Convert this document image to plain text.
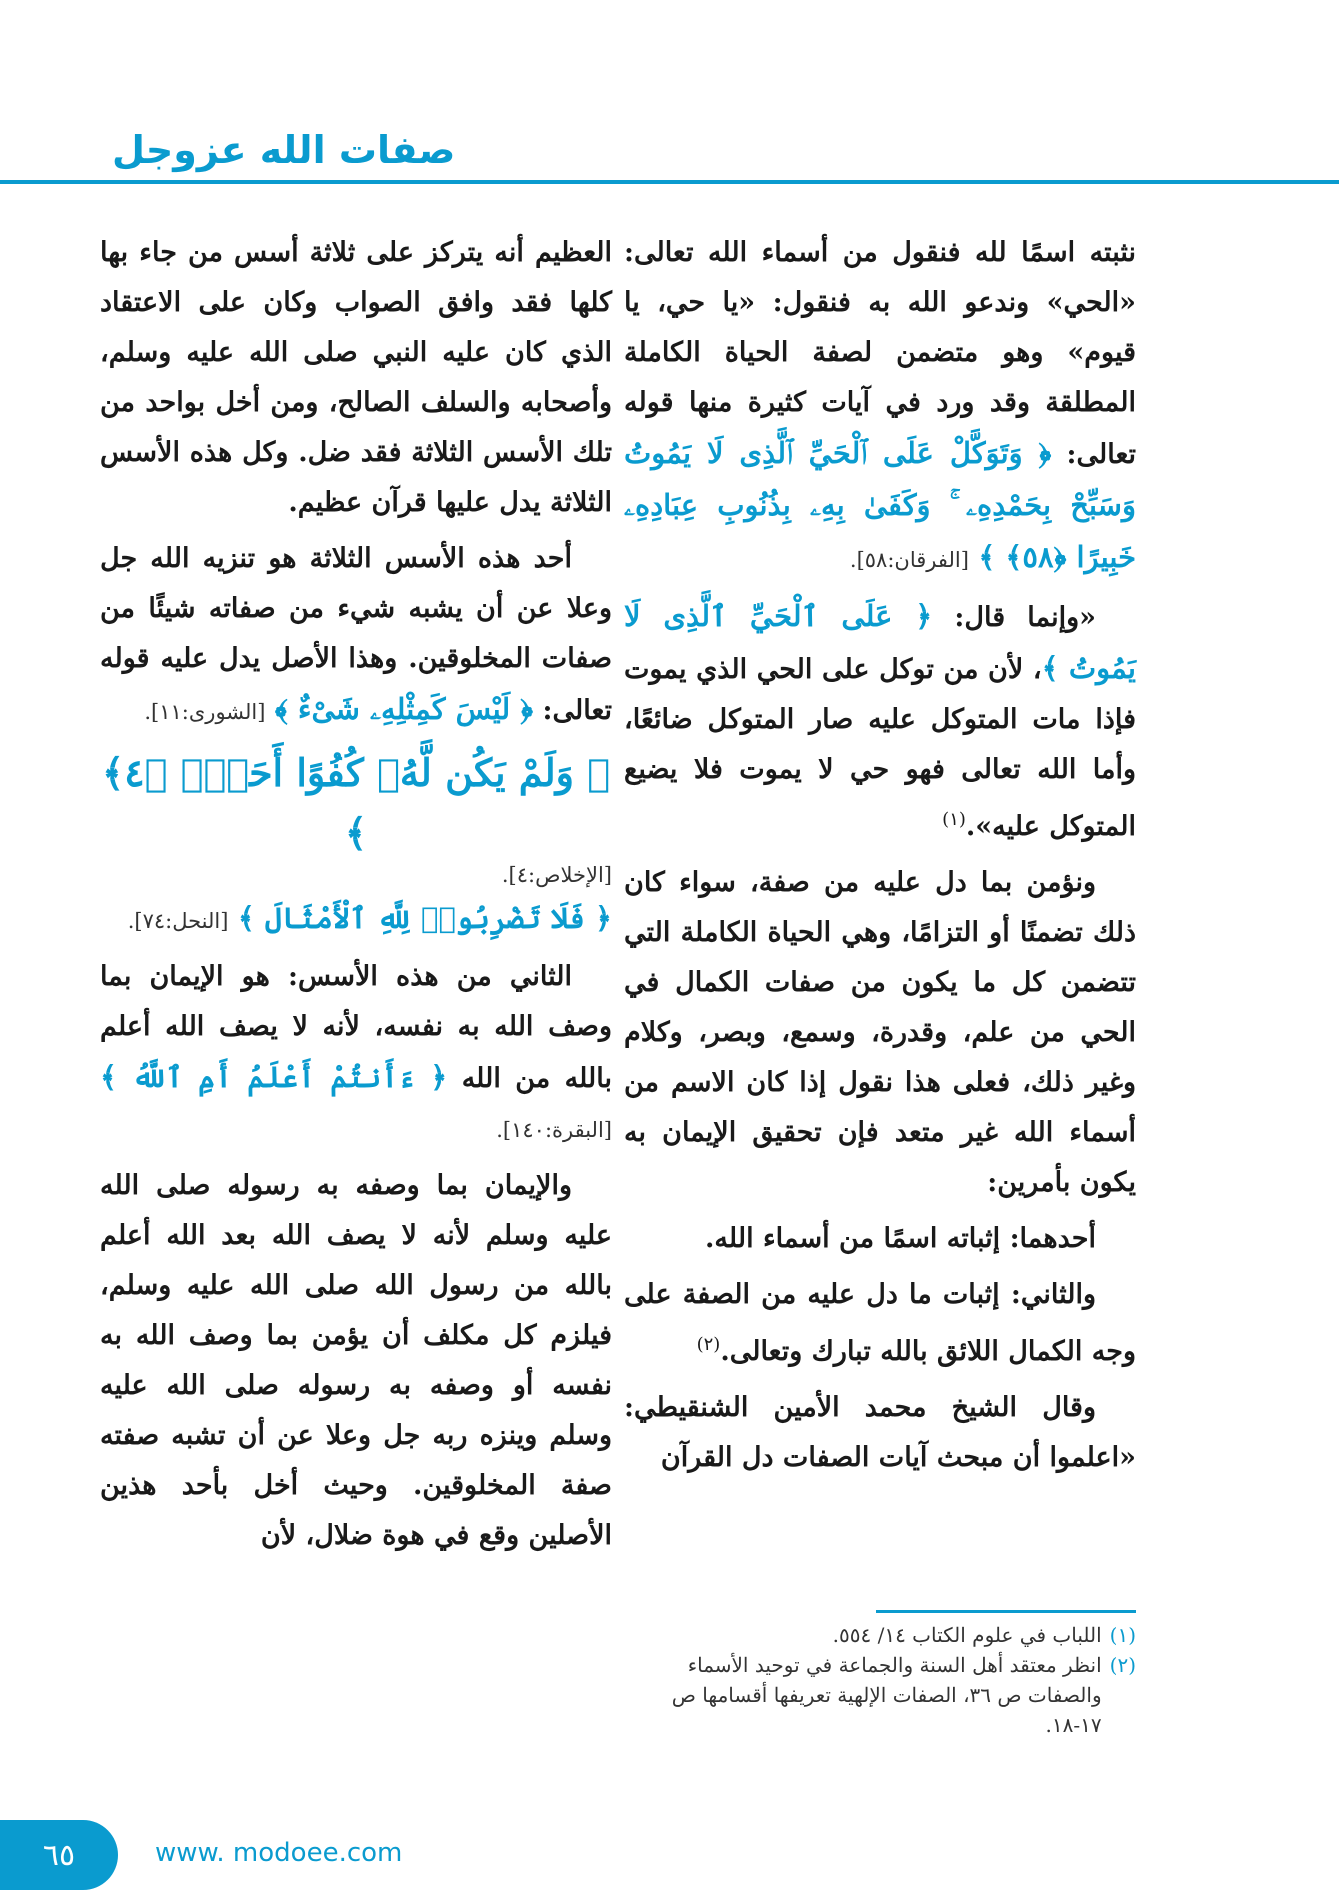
صفات الله عزوجل

نثبته اسمًا لله فنقول من أسماء الله تعالى: «الحي» وندعو الله به فنقول: «يا حي، يا قيوم» وهو متضمن لصفة الحياة الكاملة المطلقة وقد ورد في آيات كثيرة منها قوله تعالى: ﴿ وَتَوَكَّلْ عَلَى ٱلْحَيِّ ٱلَّذِى لَا يَمُوتُ وَسَبِّحْ بِحَمْدِهِۦ ۚ وَكَفَىٰ بِهِۦ بِذُنُوبِ عِبَادِهِۦ خَبِيرًا ﴿٥٨﴾ ﴾ [الفرقان:٥٨].

«وإنما قال: ﴿ عَلَى ٱلْحَيِّ ٱلَّذِى لَا يَمُوتُ ﴾، لأن من توكل على الحي الذي يموت فإذا مات المتوكل عليه صار المتوكل ضائعًا، وأما الله تعالى فهو حي لا يموت فلا يضيع المتوكل عليه».$^{(١)}$

ونؤمن بما دل عليه من صفة، سواء كان ذلك تضمنًا أو التزامًا، وهي الحياة الكاملة التي تتضمن كل ما يكون من صفات الكمال في الحي من علم، وقدرة، وسمع، وبصر، وكلام وغير ذلك، فعلى هذا نقول إذا كان الاسم من أسماء الله غير متعد فإن تحقيق الإيمان به يكون بأمرين:

أحدهما: إثباته اسمًا من أسماء الله.

والثاني: إثبات ما دل عليه من الصفة على وجه الكمال اللائق بالله تبارك وتعالى.$^{(٢)}$

وقال الشيخ محمد الأمين الشنقيطي: «اعلموا أن مبحث آيات الصفات دل القرآن

العظيم أنه يتركز على ثلاثة أسس من جاء بها كلها فقد وافق الصواب وكان على الاعتقاد الذي كان عليه النبي صلى الله عليه وسلم، وأصحابه والسلف الصالح، ومن أخل بواحد من تلك الأسس الثلاثة فقد ضل. وكل هذه الأسس الثلاثة يدل عليها قرآن عظيم.

أحد هذه الأسس الثلاثة هو تنزيه الله جل وعلا عن أن يشبه شيء من صفاته شيئًا من صفات المخلوقين. وهذا الأصل يدل عليه قوله تعالى: ﴿ لَيْسَ كَمِثْلِهِۦ شَىْءٌ ﴾ [الشورى:١١].

﴿ وَلَمْ يَكُن لَّهُۥ كُفُوًا أَحَدٌۢ ﴿٤﴾ ﴾
[الإخلاص:٤].

﴿ فَلَا تَضْرِبُوا۟ لِلَّهِ ٱلْأَمْثَالَ ﴾ [النحل:٧٤].

الثاني من هذه الأسس: هو الإيمان بما وصف الله به نفسه، لأنه لا يصف الله أعلم بالله من الله ﴿ ءَأَنتُمْ أَعْلَمُ أَمِ ٱللَّهُ ﴾ [البقرة:١٤٠].

والإيمان بما وصفه به رسوله صلى الله عليه وسلم لأنه لا يصف الله بعد الله أعلم بالله من رسول الله صلى الله عليه وسلم، فيلزم كل مكلف أن يؤمن بما وصف الله به نفسه أو وصفه به رسوله صلى الله عليه وسلم وينزه ربه جل وعلا عن أن تشبه صفته صفة المخلوقين. وحيث أخل بأحد هذين الأصلين وقع في هوة ضلال، لأن

(١)
اللباب في علوم الكتاب ١٤/ ٥٥٤.
(٢)
انظر معتقد أهل السنة والجماعة في توحيد الأسماء والصفات ص ٣٦، الصفات الإلهية تعريفها أقسامها ص ١٧-١٨.
٦٥	www. modoee.com
